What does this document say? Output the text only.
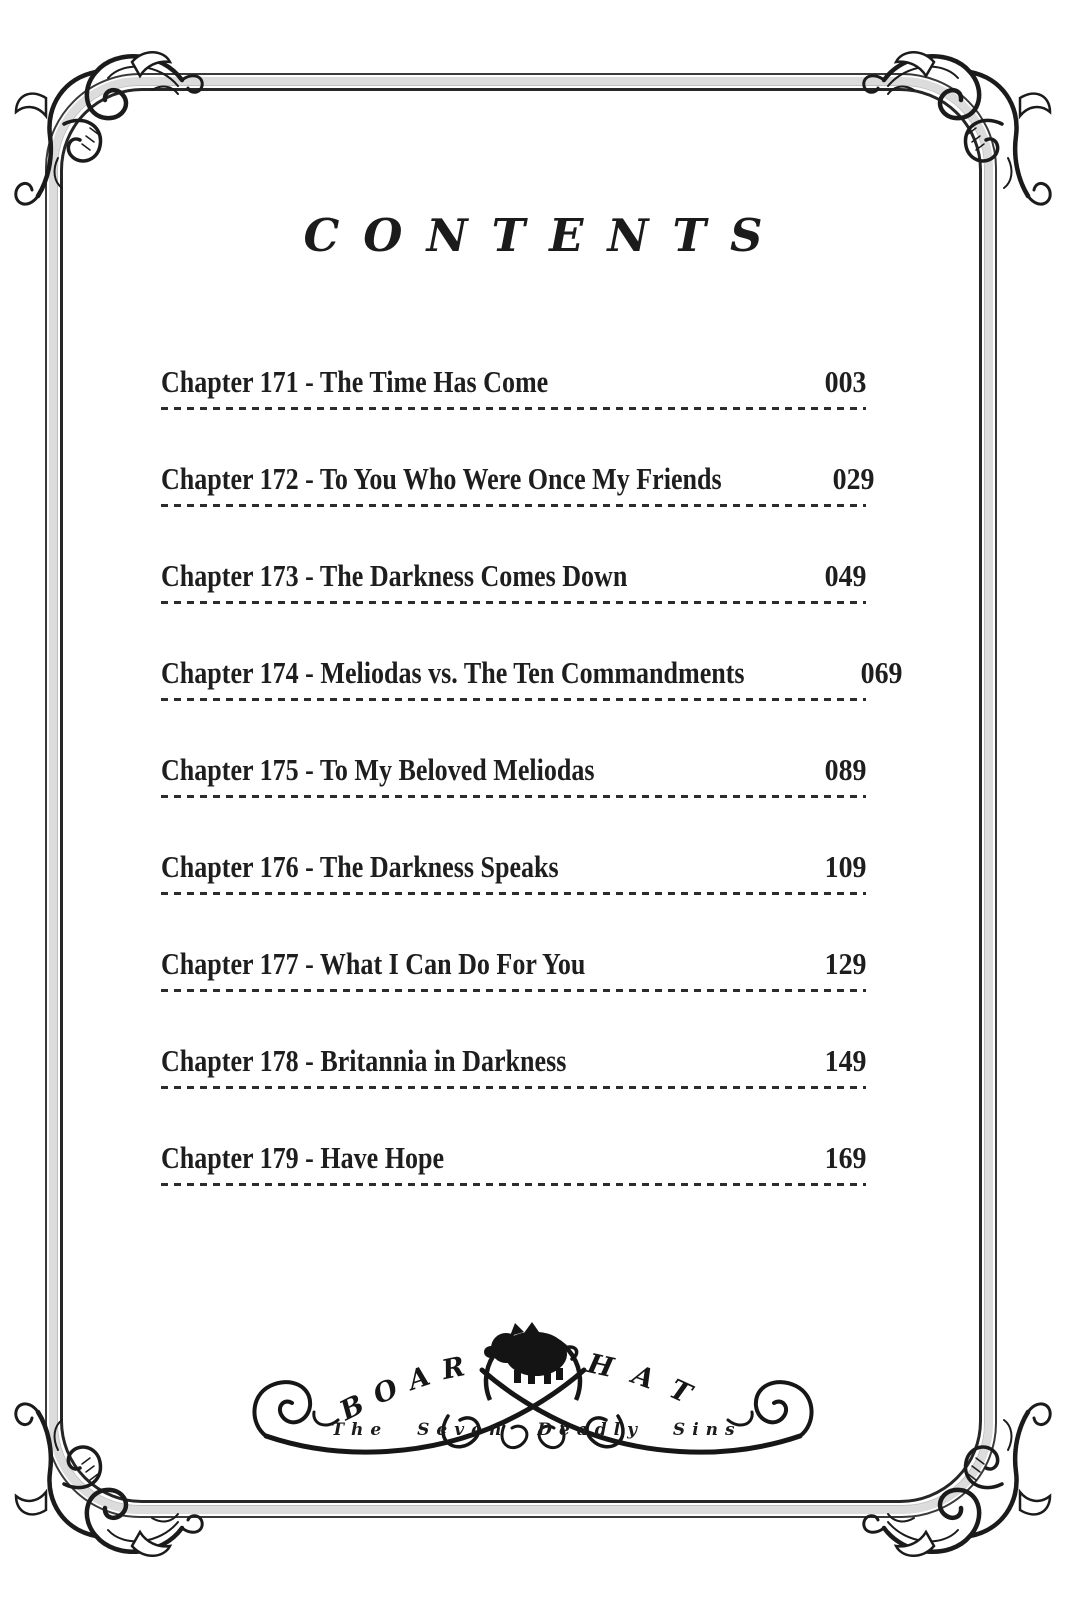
CONTENTS
Chapter 171 - The Time Has Come	003
Chapter 172 - To You Who Were Once My Friends	029
Chapter 173 - The Darkness Comes Down	049
Chapter 174 - Meliodas vs. The Ten Commandments	069
Chapter 175 - To My Beloved Meliodas	089
Chapter 176 - The Darkness Speaks	109
Chapter 177 - What I Can Do For You	129
Chapter 178 - Britannia in Darkness	149
Chapter 179 - Have Hope	169
BOAR	HAT
The Seven Deadly Sins
